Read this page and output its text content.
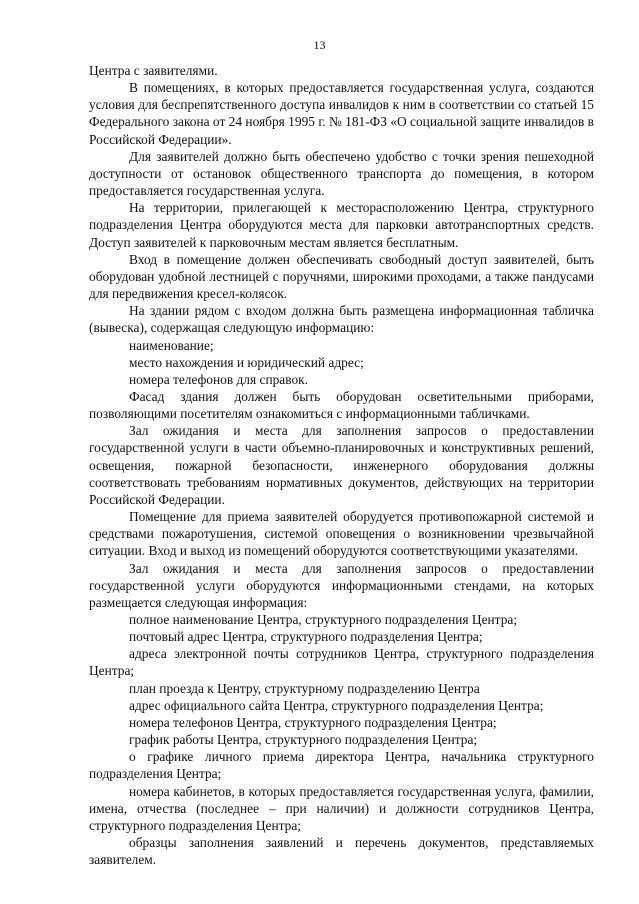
13

Центра с заявителями.

В помещениях, в которых предоставляется государственная услуга, создаются условия для беспрепятственного доступа инвалидов к ним в соответствии со статьей 15 Федерального закона от 24 ноября 1995 г. № 181-ФЗ «О социальной защите инвалидов в Российской Федерации».

Для заявителей должно быть обеспечено удобство с точки зрения пешеходной доступности от остановок общественного транспорта до помещения, в котором предоставляется государственная услуга.

На территории, прилегающей к месторасположению Центра, структурного подразделения Центра оборудуются места для парковки автотранспортных средств. Доступ заявителей к парковочным местам является бесплатным.

Вход в помещение должен обеспечивать свободный доступ заявителей, быть оборудован удобной лестницей с поручнями, широкими проходами, а также пандусами для передвижения кресел-колясок.

На здании рядом с входом должна быть размещена информационная табличка (вывеска), содержащая следующую информацию:

наименование;

место нахождения и юридический адрес;

номера телефонов для справок.

Фасад здания должен быть оборудован осветительными приборами, позволяющими посетителям ознакомиться с информационными табличками.

Зал ожидания и места для заполнения запросов о предоставлении государственной услуги в части объемно-планировочных и конструктивных решений, освещения, пожарной безопасности, инженерного оборудования должны соответствовать требованиям нормативных документов, действующих на территории Российской Федерации.

Помещение для приема заявителей оборудуется противопожарной системой и средствами пожаротушения, системой оповещения о возникновении чрезвычайной ситуации. Вход и выход из помещений оборудуются соответствующими указателями.

Зал ожидания и места для заполнения запросов о предоставлении государственной услуги оборудуются информационными стендами, на которых размещается следующая информация:

полное наименование Центра, структурного подразделения Центра;

почтовый адрес Центра, структурного подразделения Центра;

адреса электронной почты сотрудников Центра, структурного подразделения Центра;

план проезда к Центру, структурному подразделению Центра

адрес официального сайта Центра, структурного подразделения Центра;

номера телефонов Центра, структурного подразделения Центра;

график работы Центра, структурного подразделения Центра;

о графике личного приема директора Центра, начальника структурного подразделения Центра;

номера кабинетов, в которых предоставляется государственная услуга, фамилии, имена, отчества (последнее – при наличии) и должности сотрудников Центра, структурного подразделения Центра;

образцы заполнения заявлений и перечень документов, представляемых заявителем.
